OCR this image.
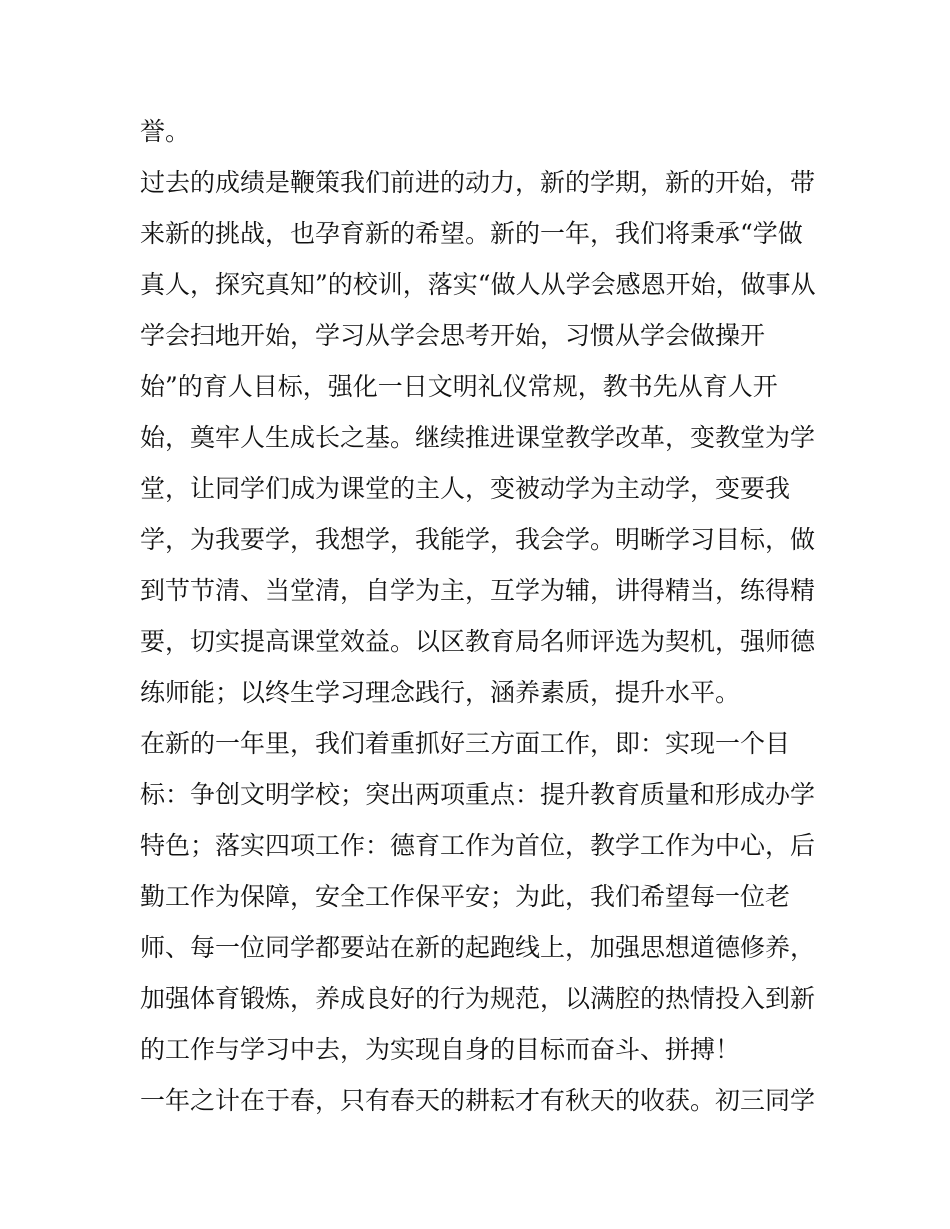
誉。
过去的成绩是鞭策我们前进的动力，新的学期，新的开始，带
来新的挑战，也孕育新的希望。新的一年，我们将秉承“学做
真人，探究真知”的校训，落实“做人从学会感恩开始，做事从
学会扫地开始，学习从学会思考开始，习惯从学会做操开
始”的育人目标，强化一日文明礼仪常规，教书先从育人开
始，奠牢人生成长之基。继续推进课堂教学改革，变教堂为学
堂，让同学们成为课堂的主人，变被动学为主动学，变要我
学，为我要学，我想学，我能学，我会学。明晰学习目标，做
到节节清、当堂清，自学为主，互学为辅，讲得精当，练得精
要，切实提高课堂效益。以区教育局名师评选为契机，强师德
练师能；以终生学习理念践行，涵养素质，提升水平。
在新的一年里，我们着重抓好三方面工作，即：实现一个目
标：争创文明学校；突出两项重点：提升教育质量和形成办学
特色；落实四项工作：德育工作为首位，教学工作为中心，后
勤工作为保障，安全工作保平安；为此，我们希望每一位老
师、每一位同学都要站在新的起跑线上，加强思想道德修养，
加强体育锻炼，养成良好的行为规范，以满腔的热情投入到新
的工作与学习中去，为实现自身的目标而奋斗、拼搏！
一年之计在于春，只有春天的耕耘才有秋天的收获。初三同学
